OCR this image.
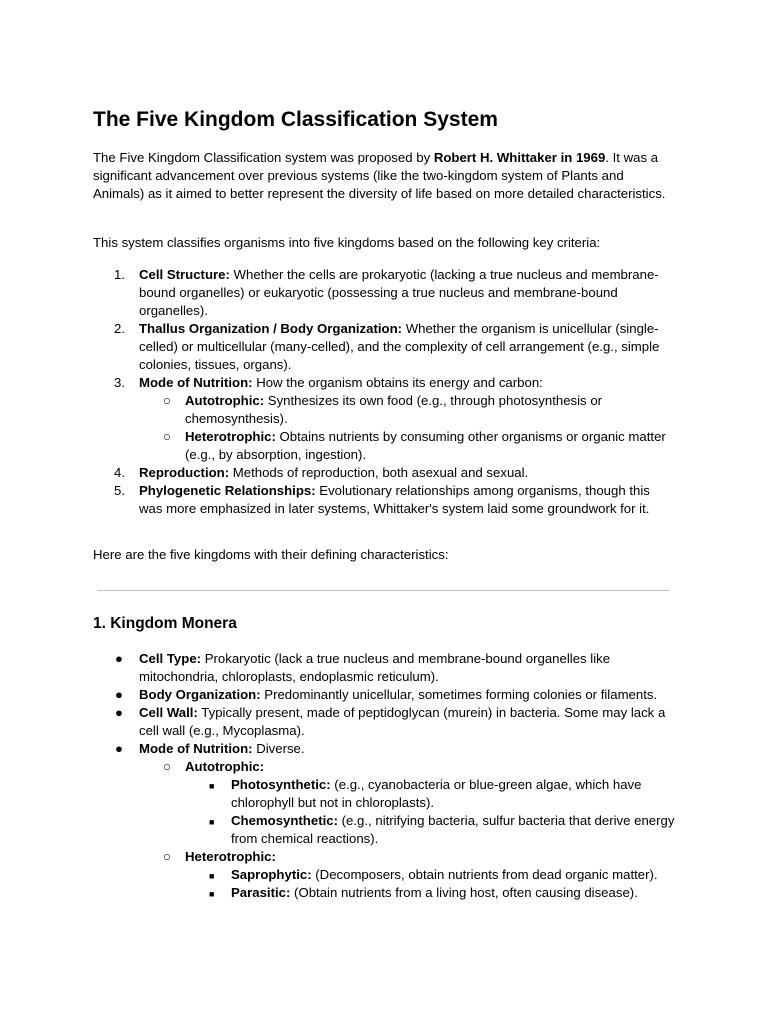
The Five Kingdom Classification System

The Five Kingdom Classification system was proposed by Robert H. Whittaker in 1969. It was a significant advancement over previous systems (like the two-kingdom system of Plants and Animals) as it aimed to better represent the diversity of life based on more detailed characteristics.

This system classifies organisms into five kingdoms based on the following key criteria:

1.	Cell Structure: Whether the cells are prokaryotic (lacking a true nucleus and membrane-bound organelles) or eukaryotic (possessing a true nucleus and membrane-bound organelles).
2.	Thallus Organization / Body Organization: Whether the organism is unicellular (single-celled) or multicellular (many-celled), and the complexity of cell arrangement (e.g., simple colonies, tissues, organs).
3.	Mode of Nutrition: How the organism obtains its energy and carbon:
○ Autotrophic: Synthesizes its own food (e.g., through photosynthesis or chemosynthesis).
○ Heterotrophic: Obtains nutrients by consuming other organisms or organic matter (e.g., by absorption, ingestion).
4.	Reproduction: Methods of reproduction, both asexual and sexual.
5.	Phylogenetic Relationships: Evolutionary relationships among organisms, though this was more emphasized in later systems, Whittaker's system laid some groundwork for it.

Here are the five kingdoms with their defining characteristics:

1. Kingdom Monera
● Cell Type: Prokaryotic (lack a true nucleus and membrane-bound organelles like mitochondria, chloroplasts, endoplasmic reticulum).
● Body Organization: Predominantly unicellular, sometimes forming colonies or filaments.
● Cell Wall: Typically present, made of peptidoglycan (murein) in bacteria. Some may lack a cell wall (e.g., Mycoplasma).
● Mode of Nutrition: Diverse.
○ Autotrophic:
■ Photosynthetic: (e.g., cyanobacteria or blue-green algae, which have chlorophyll but not in chloroplasts).
■ Chemosynthetic: (e.g., nitrifying bacteria, sulfur bacteria that derive energy from chemical reactions).
○ Heterotrophic:
■ Saprophytic: (Decomposers, obtain nutrients from dead organic matter).
■ Parasitic: (Obtain nutrients from a living host, often causing disease).
